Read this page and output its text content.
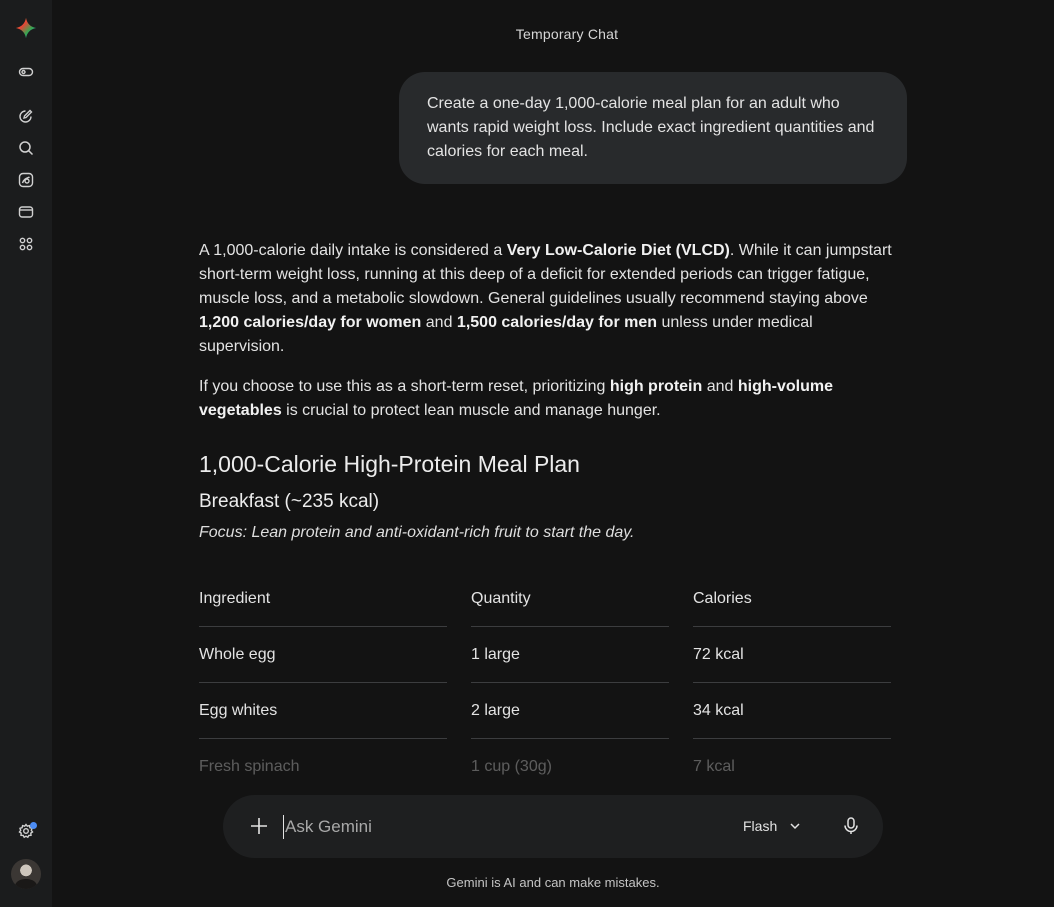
Temporary Chat
Create a one-day 1,000-calorie meal plan for an adult who wants rapid weight loss. Include exact ingredient quantities and calories for each meal.

A 1,000-calorie daily intake is considered a Very Low-Calorie Diet (VLCD). While it can jumpstart short-term weight loss, running at this deep of a deficit for extended periods can trigger fatigue, muscle loss, and a metabolic slowdown. General guidelines usually recommend staying above 1,200 calories/day for women and 1,500 calories/day for men unless under medical supervision.

If you choose to use this as a short-term reset, prioritizing high protein and high-volume vegetables is crucial to protect lean muscle and manage hunger.

1,000-Calorie High-Protein Meal Plan
Breakfast (~235 kcal)
Focus: Lean protein and anti-oxidant-rich fruit to start the day.
Ingredient	Quantity	Calories

Whole egg	1 large	72 kcal

Egg whites	2 large	34 kcal

Fresh spinach	1 cup (30g)	7 kcal
Ask Gemini
Flash
Gemini is AI and can make mistakes.
